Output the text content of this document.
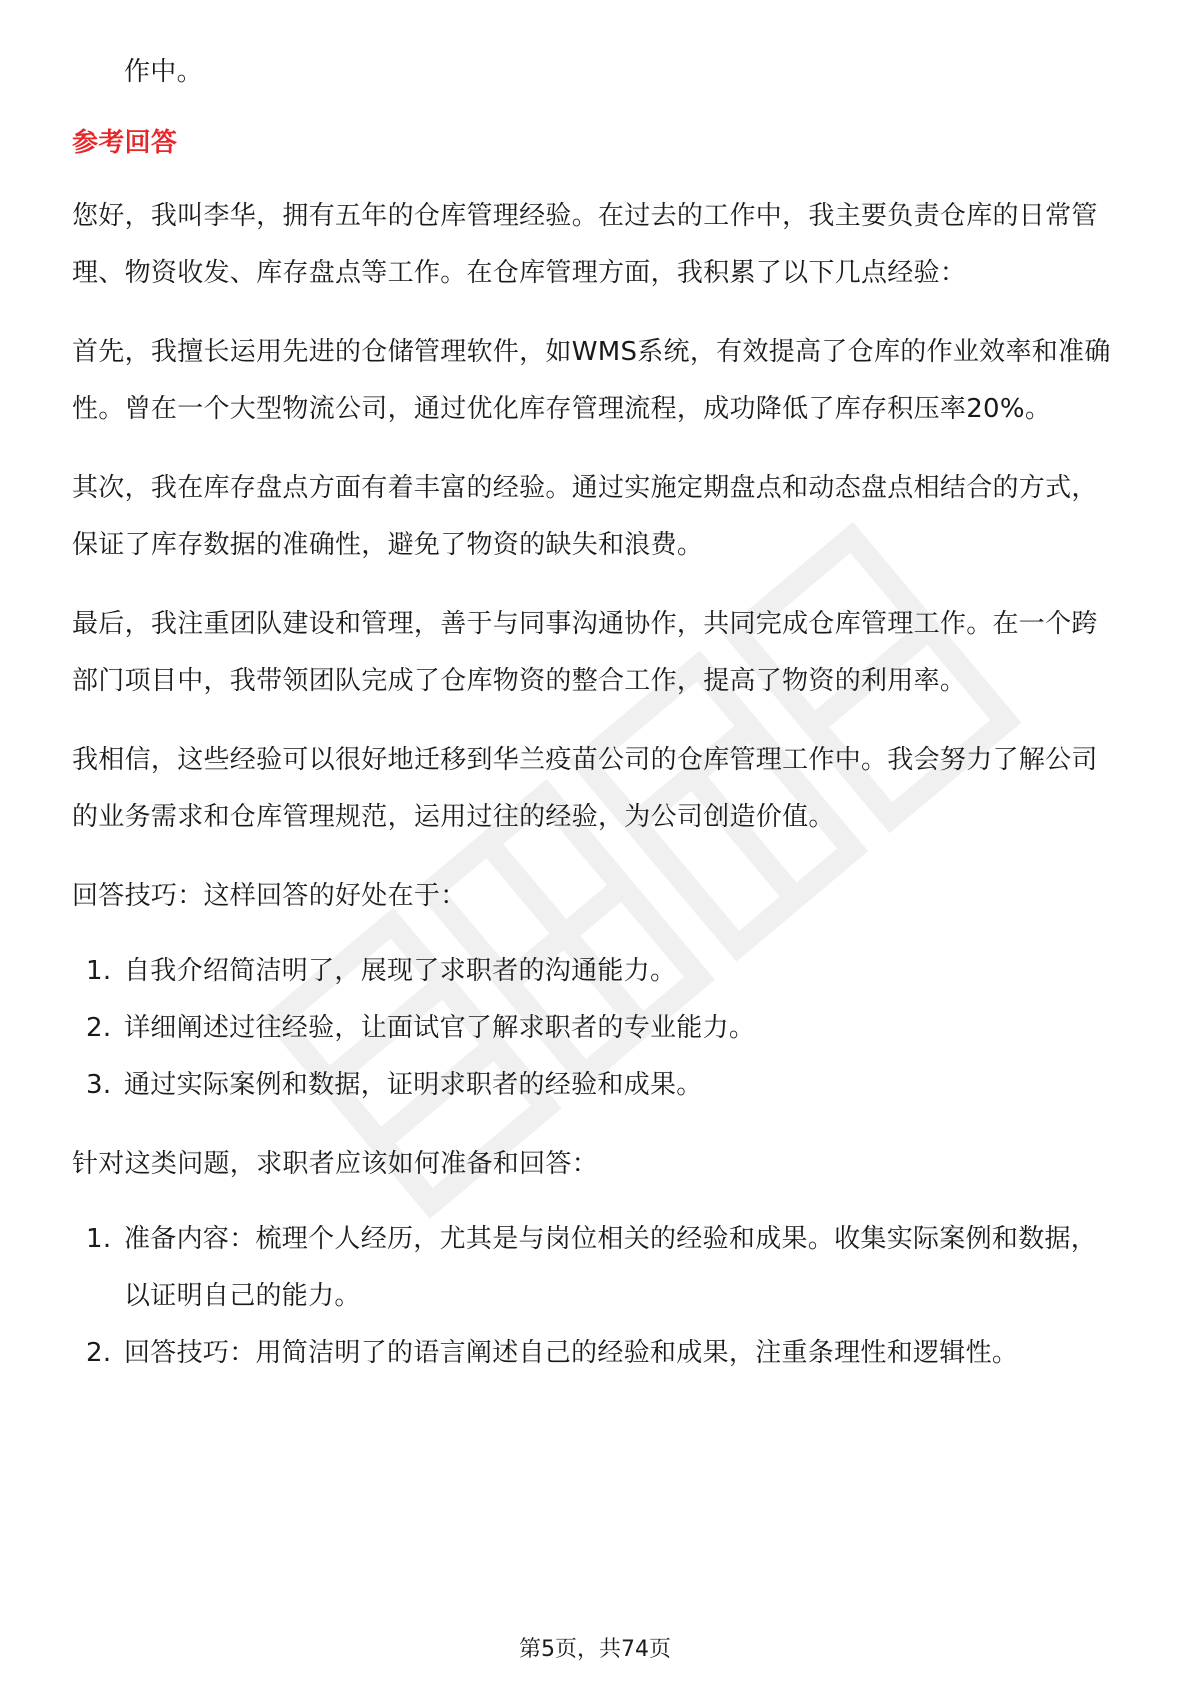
作中。

参考回答

您好，我叫李华，拥有五年的仓库管理经验。在过去的工作中，我主要负责仓库的日常管理、物资收发、库存盘点等工作。在仓库管理方面，我积累了以下几点经验：

首先，我擅长运用先进的仓储管理软件，如WMS系统，有效提高了仓库的作业效率和准确性。曾在一个大型物流公司，通过优化库存管理流程，成功降低了库存积压率20%。

其次，我在库存盘点方面有着丰富的经验。通过实施定期盘点和动态盘点相结合的方式，保证了库存数据的准确性，避免了物资的缺失和浪费。

最后，我注重团队建设和管理，善于与同事沟通协作，共同完成仓库管理工作。在一个跨部门项目中，我带领团队完成了仓库物资的整合工作，提高了物资的利用率。

我相信，这些经验可以很好地迁移到华兰疫苗公司的仓库管理工作中。我会努力了解公司的业务需求和仓库管理规范，运用过往的经验，为公司创造价值。

回答技巧：这样回答的好处在于：

1. 自我介绍简洁明了，展现了求职者的沟通能力。
2. 详细阐述过往经验，让面试官了解求职者的专业能力。
3. 通过实际案例和数据，证明求职者的经验和成果。

针对这类问题，求职者应该如何准备和回答：

1. 准备内容：梳理个人经历，尤其是与岗位相关的经验和成果。收集实际案例和数据，以证明自己的能力。
2. 回答技巧：用简洁明了的语言阐述自己的经验和成果，注重条理性和逻辑性。
第5页，共74页
